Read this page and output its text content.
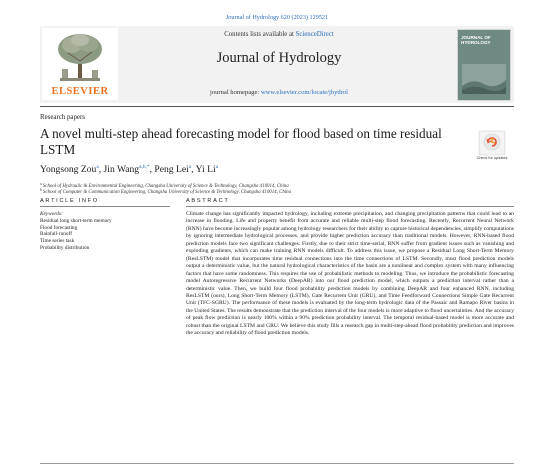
Journal of Hydrology 620 (2023) 129521
ELSEVIER
Contents lists available at ScienceDirect
Journal of Hydrology
journal homepage: www.elsevier.com/locate/jhydrol
JOURNAL OF HYDROLOGY
Research papers
A novel multi-step ahead forecasting model for flood based on time residual LSTM
Check for updates
Yongsong Zou$^a$, Jin Wang$^{a,b,*}$, Peng Lei$^a$, Yi Li$^a$
$^a$ School of Hydraulic & Environmental Engineering, Changsha University of Science & Technology, Changsha 410014, China
$^b$ School of Computer & Communication Engineering, Changsha University of Science & Technology, Changsha 410014, China
ARTICLE INFO	ABSTRACT
Keywords:
Residual long short-term memory
Flood forecasting
Rainfall-runoff
Time series task
Probability distribution
Climate change has significantly impacted hydrology, including extreme precipitation, and changing precipitation patterns that could lead to an increase in flooding. Life and property benefit from accurate and reliable multi-step flood forecasting. Recently, Recurrent Neural Network (RNN) have become increasingly popular among hydrology researchers for their ability to capture historical dependencies, simplify computations by ignoring intermediate hydrological processes, and provide higher prediction accuracy than traditional models. However, RNN-based flood prediction models face two significant challenges. Firstly, due to their strict time-serial, RNN suffer from gradient issues such as vanishing and exploding gradients, which can make training RNN models difficult. To address this issue, we propose a Residual Long Short-Term Memory (ResLSTM) model that incorporates time residual connections into the time connections of LSTM. Secondly, most flood prediction models output a deterministic value, but the natural hydrological characteristics of the basin are a nonlinear and complex system with many influencing factors that have some randomness. This requires the use of probabilistic methods to modeling. Thus, we introduce the probabilistic forecasting model Autoregressive Recurrent Networks (DeepAR) into our flood prediction model, which outputs a prediction interval rather than a deterministic value. Then, we build four flood probability prediction models by combining DeepAR and four enhanced RNN, including ResLSTM (ours), Long Short-Term Memory (LSTM), Gate Recurrent Unit (GRU), and Time Feedforward Connections Simple Gate Recurrent Unit (TFC-SGRU). The performance of these models is evaluated by the long-term hydrologic data of the Passaic and Ramapo River basins in the United States. The results demonstrate that the prediction interval of the four models is more adaptive to flood uncertainties. And the accuracy of peak flow prediction is nearly 100% within a 90% prediction probability interval. The temporal residual-based model is more accurate and robust than the original LSTM and GRU. We believe this study fills a research gap in multi-step-ahead flood probability prediction and improves the accuracy and reliability of flood prediction models.
